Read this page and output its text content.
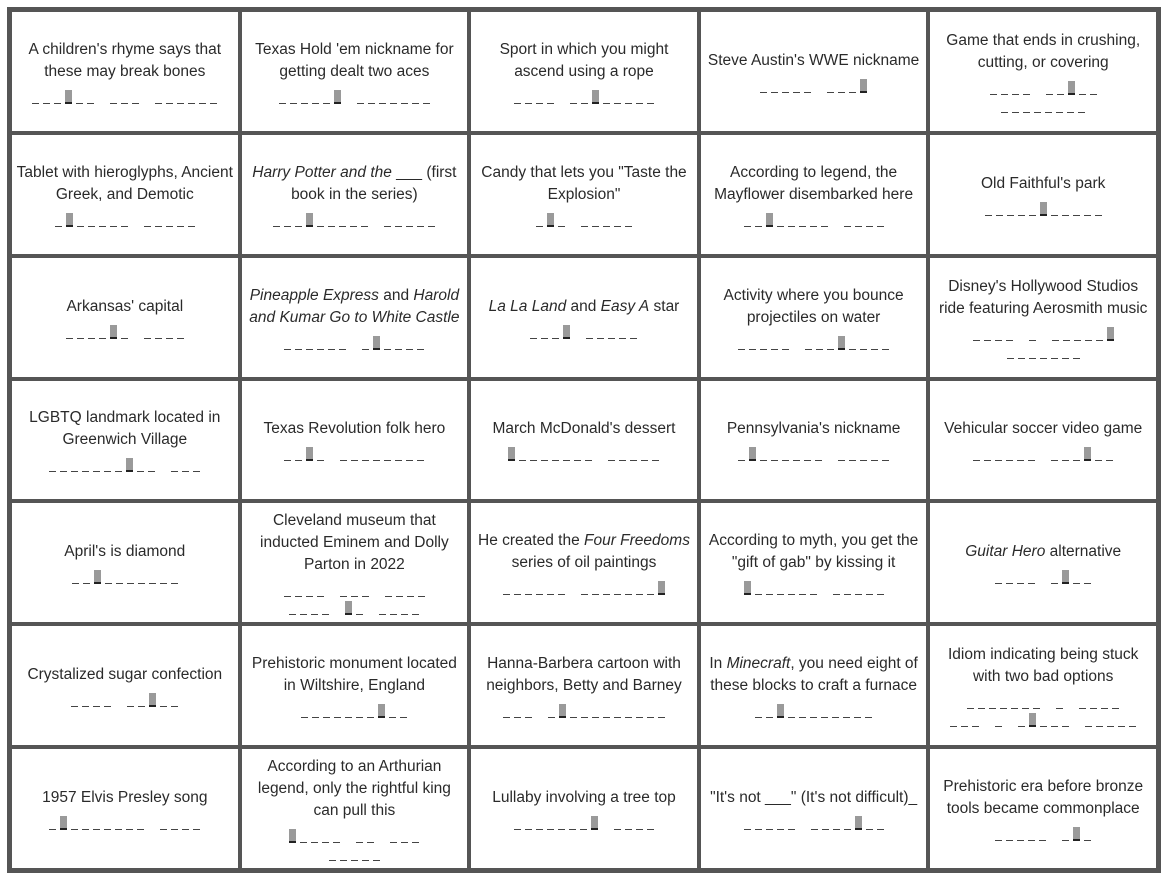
A children's rhyme says that these may break bones
Texas Hold 'em nickname for getting dealt two aces
Sport in which you might ascend using a rope
Steve Austin's WWE nickname
Game that ends in crushing, cutting, or covering
Tablet with hieroglyphs, Ancient Greek, and Demotic
Harry Potter and the ___ (first book in the series)
Candy that lets you "Taste the Explosion"
According to legend, the Mayflower disembarked here
Old Faithful's park
Arkansas' capital
Pineapple Express and Harold and Kumar Go to White Castle
La La Land and Easy A star
Activity where you bounce projectiles on water
Disney's Hollywood Studios ride featuring Aerosmith music
LGBTQ landmark located in Greenwich Village
Texas Revolution folk hero	March McDonald's dessert	Pennsylvania's nickname	Vehicular soccer video game
April's is diamond
Cleveland museum that inducted Eminem and Dolly Parton in 2022
He created the Four Freedoms series of oil paintings
According to myth, you get the "gift of gab" by kissing it
Guitar Hero alternative
Crystalized sugar confection
Prehistoric monument located in Wiltshire, England
Hanna-Barbera cartoon with neighbors, Betty and Barney
In Minecraft, you need eight of these blocks to craft a furnace
Idiom indicating being stuck with two bad options
1957 Elvis Presley song
According to an Arthurian legend, only the rightful king can pull this
Lullaby involving a tree top "It's not ___" (It's not difficult)_
Prehistoric era before bronze tools became commonplace
